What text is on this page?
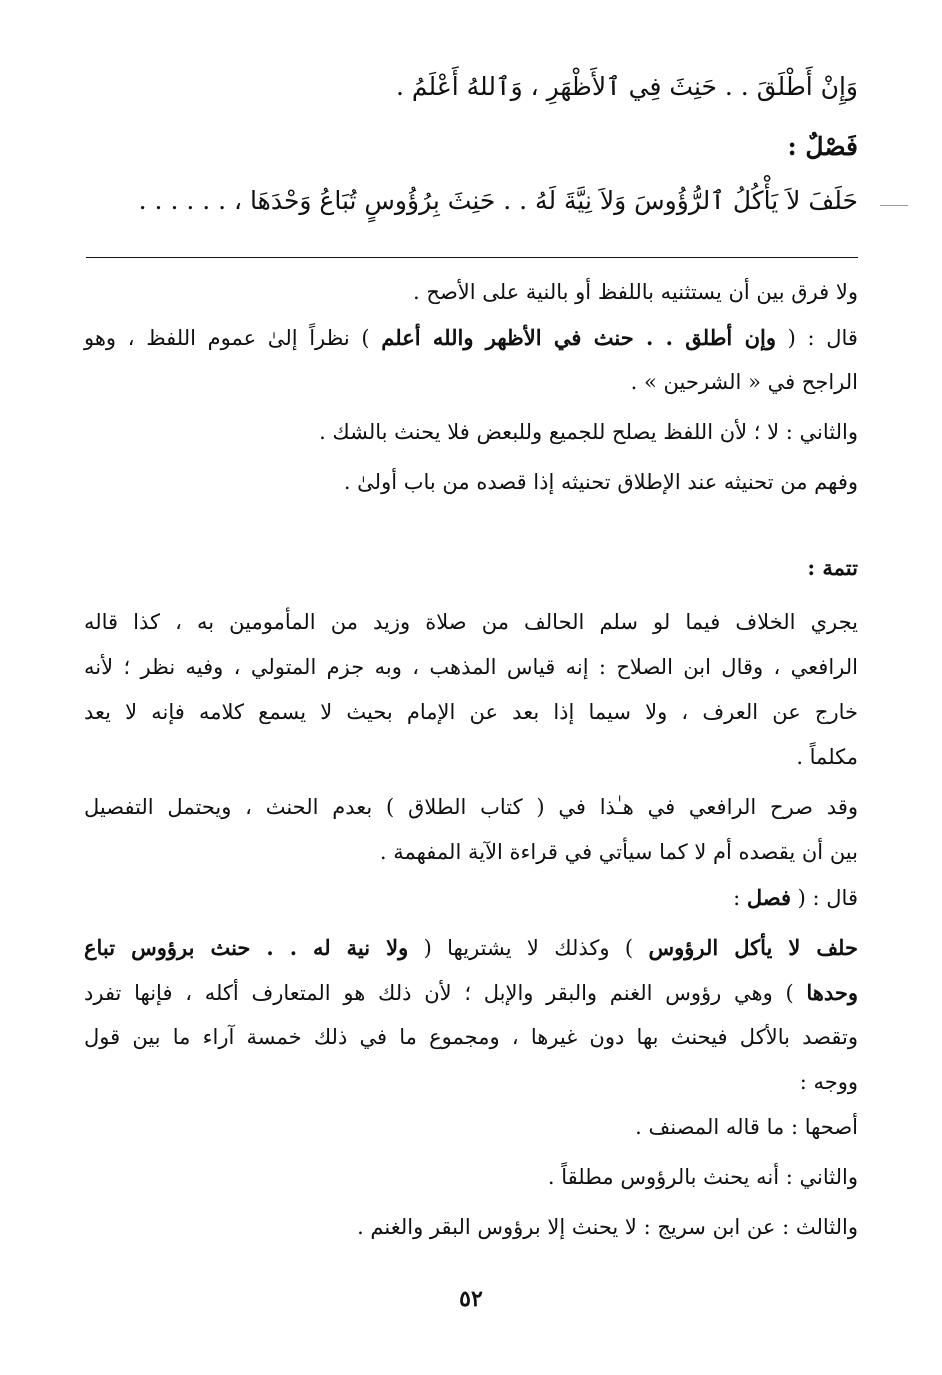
وَإِنْ أَطْلَقَ . . حَنِثَ فِي ٱلأَظْهَرِ ، وَٱللهُ أَعْلَمُ .
فَصْلٌ :
حَلَفَ لاَ يَأْكُلُ ٱلرُّؤُوسَ وَلاَ نِيَّةَ لَهُ . . حَنِثَ بِرُؤُوسٍ تُبَاعُ وَحْدَهَا ، . . . . . .
ولا فرق بين أن يستثنيه باللفظ أو بالنية على الأصح .
قال : ( وإن أطلق . . حنث في الأظهر والله أعلم ) نظراً إلىٰ عموم اللفظ ، وهو
الراجح في « الشرحين » .
والثاني : لا ؛ لأن اللفظ يصلح للجميع وللبعض فلا يحنث بالشك .
وفهم من تحنيثه عند الإطلاق تحنيثه إذا قصده من باب أولىٰ .
تتمة :
يجري الخلاف فيما لو سلم الحالف من صلاة وزيد من المأمومين به ، كذا قاله
الرافعي ، وقال ابن الصلاح : إنه قياس المذهب ، وبه جزم المتولي ، وفيه نظر ؛ لأنه
خارج عن العرف ، ولا سيما إذا بعد عن الإمام بحيث لا يسمع كلامه فإنه لا يعد
مكلماً .
وقد صرح الرافعي في هـٰذا في ( كتاب الطلاق ) بعدم الحنث ، ويحتمل التفصيل
بين أن يقصده أم لا كما سيأتي في قراءة الآية المفهمة .
قال : ( فصل :
حلف لا يأكل الرؤوس ) وكذلك لا يشتريها ( ولا نية له . . حنث برؤوس تباع
وحدها ) وهي رؤوس الغنم والبقر والإبل ؛ لأن ذلك هو المتعارف أكله ، فإنها تفرد
وتقصد بالأكل فيحنث بها دون غيرها ، ومجموع ما في ذلك خمسة آراء ما بين قول
ووجه :
أصحها : ما قاله المصنف .
والثاني : أنه يحنث بالرؤوس مطلقاً .
والثالث : عن ابن سريج : لا يحنث إلا برؤوس البقر والغنم .
٥٢
